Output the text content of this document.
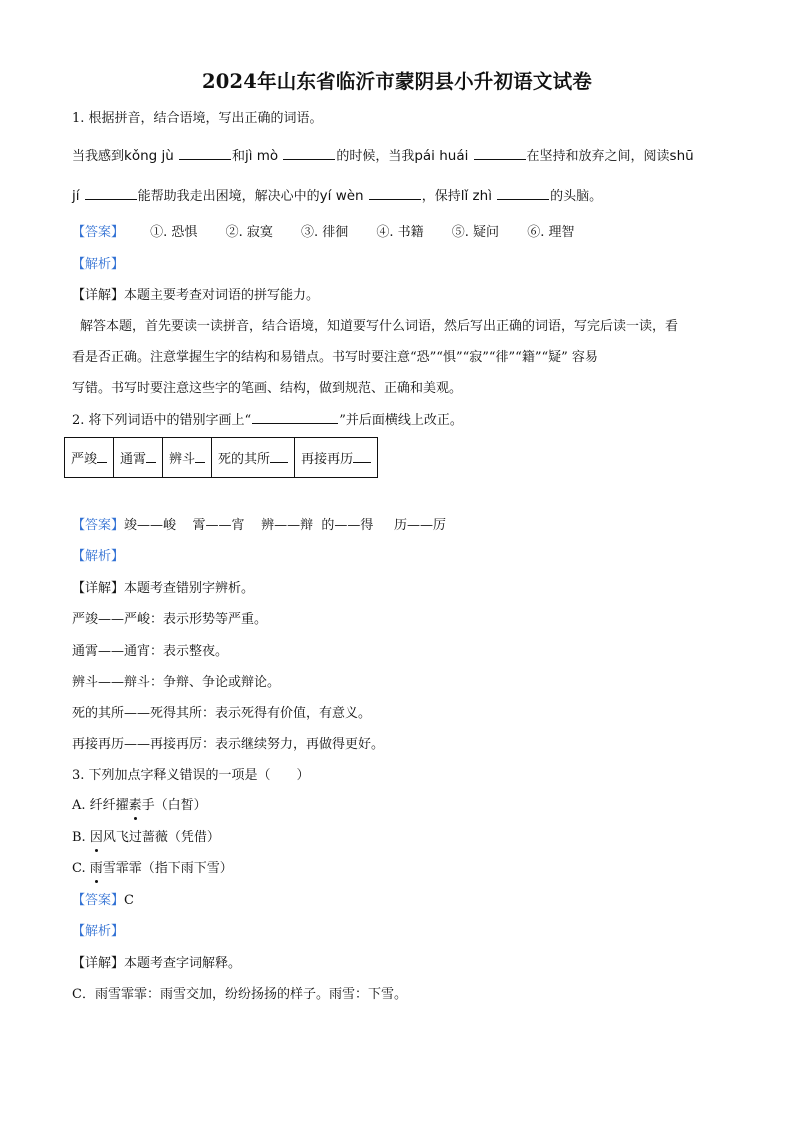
2024年山东省临沂市蒙阴县小升初语文试卷
1. 根据拼音，结合语境，写出正确的词语。
当我感到kǒng jù	和jì mò	的时候，当我pái huái	在坚持和放弃之间，阅读shū
jí	能帮助我走出困境，解决心中的yí wèn	，保持lǐ zhì	的头脑。
【答案】 ①. 恐惧 ②. 寂寞 ③. 徘徊 ④. 书籍 ⑤. 疑问 ⑥. 理智
【解析】
【详解】本题主要考查对词语的拼写能力。
解答本题，首先要读一读拼音，结合语境，知道要写什么词语，然后写出正确的词语，写完后读一读，看
看是否正确。注意掌握生字的结构和易错点。书写时要注意“恐”“惧”“寂”“徘”“籍”“疑” 容易
写错。书写时要注意这些字的笔画、结构，做到规范、正确和美观。
2. 将下列词语中的错别字画上“	”并后面横线上改正。
严竣	通霄	辨斗	死的其所	再接再历
【答案】竣——峻    霄——宵    辨——辩  的——得     历——厉
【解析】
【详解】本题考查错别字辨析。
严竣——严峻：表示形势等严重。
通霄——通宵：表示整夜。
辨斗——辩斗：争辩、争论或辩论。
死的其所——死得其所：表示死得有价值，有意义。
再接再历——再接再厉：表示继续努力，再做得更好。
3. 下列加点字释义错误的一项是（　　）
A. 纤纤擢素手（白皙）
B. 因风飞过蔷薇（凭借）
C. 雨雪霏霏（指下雨下雪）
【答案】C
【解析】
【详解】本题考查字词解释。
C．雨雪霏霏：雨雪交加，纷纷扬扬的样子。雨雪：下雪。
